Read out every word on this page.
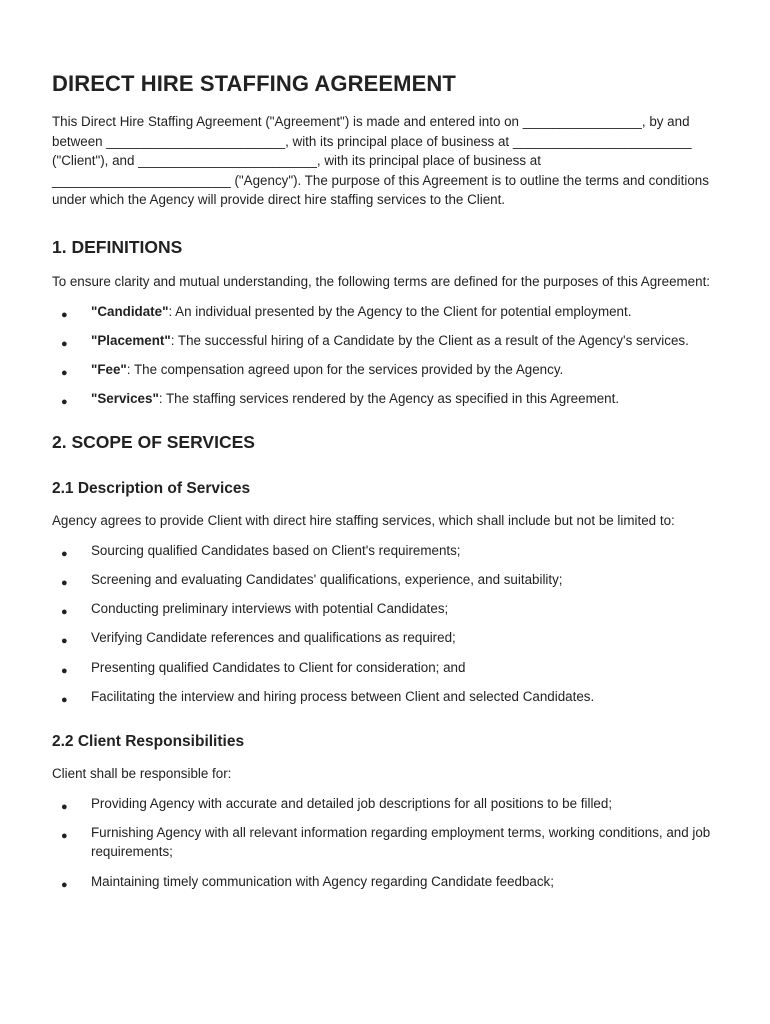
DIRECT HIRE STAFFING AGREEMENT

This Direct Hire Staffing Agreement ("Agreement") is made and entered into on ________________, by and between ________________________, with its principal place of business at ________________________ ("Client"), and ________________________, with its principal place of business at ________________________ ("Agency"). The purpose of this Agreement is to outline the terms and conditions under which the Agency will provide direct hire staffing services to the Client.

1. DEFINITIONS

To ensure clarity and mutual understanding, the following terms are defined for the purposes of this Agreement:

● "Candidate": An individual presented by the Agency to the Client for potential employment.
● "Placement": The successful hiring of a Candidate by the Client as a result of the Agency's services.
● "Fee": The compensation agreed upon for the services provided by the Agency.
● "Services": The staffing services rendered by the Agency as specified in this Agreement.
2. SCOPE OF SERVICES
2.1 Description of Services

Agency agrees to provide Client with direct hire staffing services, which shall include but not be limited to:

● Sourcing qualified Candidates based on Client's requirements;
● Screening and evaluating Candidates' qualifications, experience, and suitability;
● Conducting preliminary interviews with potential Candidates;
● Verifying Candidate references and qualifications as required;
● Presenting qualified Candidates to Client for consideration; and
● Facilitating the interview and hiring process between Client and selected Candidates.
2.2 Client Responsibilities

Client shall be responsible for:

● Providing Agency with accurate and detailed job descriptions for all positions to be filled;
● Furnishing Agency with all relevant information regarding employment terms, working conditions, and job requirements;
● Maintaining timely communication with Agency regarding Candidate feedback;
